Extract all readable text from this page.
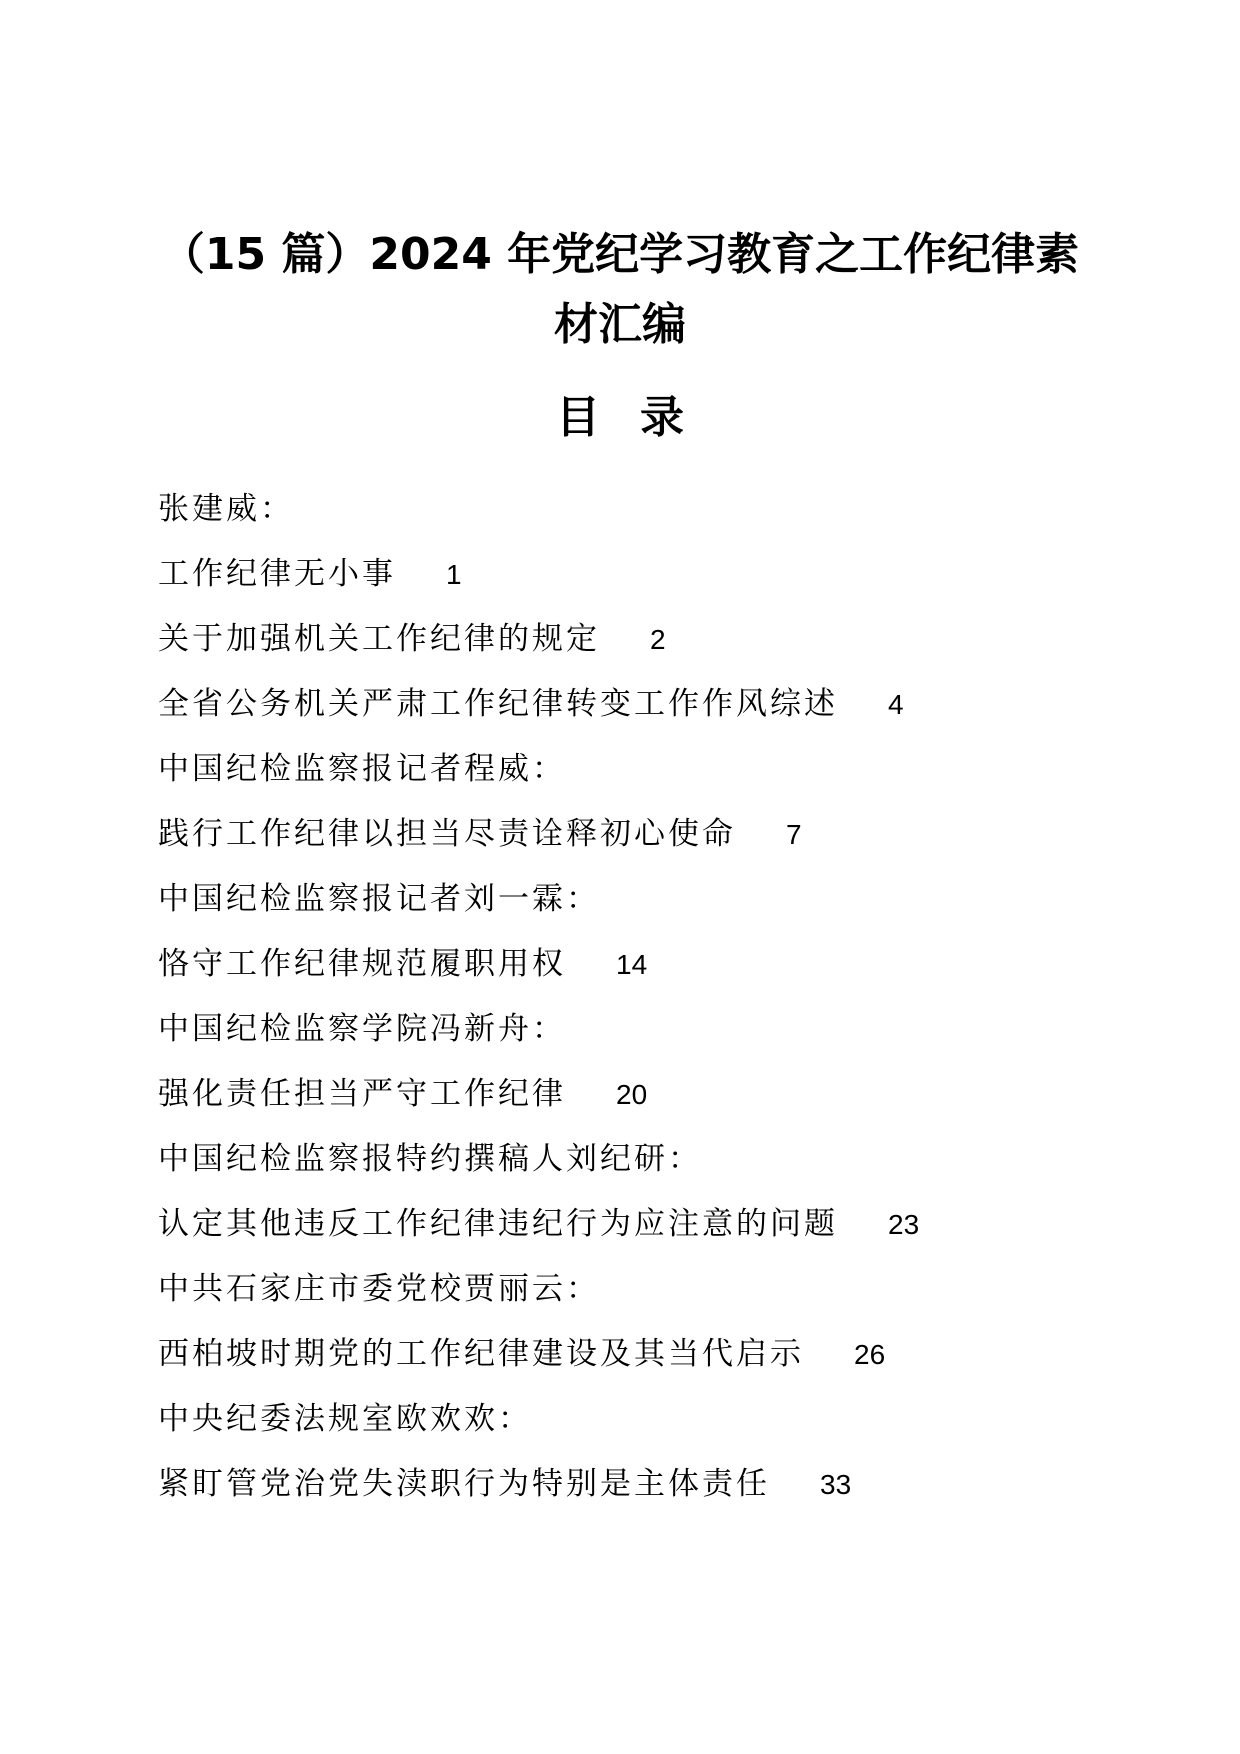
（15 篇）2024 年党纪学习教育之工作纪律素
材汇编
目录
张建威：
工作纪律无小事 1
关于加强机关工作纪律的规定 2
全省公务机关严肃工作纪律转变工作作风综述 4
中国纪检监察报记者程威：
践行工作纪律以担当尽责诠释初心使命 7
中国纪检监察报记者刘一霖：
恪守工作纪律规范履职用权 14
中国纪检监察学院冯新舟：
强化责任担当严守工作纪律 20
中国纪检监察报特约撰稿人刘纪研：
认定其他违反工作纪律违纪行为应注意的问题 23
中共石家庄市委党校贾丽云：
西柏坡时期党的工作纪律建设及其当代启示 26
中央纪委法规室欧欢欢：
紧盯管党治党失渎职行为特别是主体责任 33
